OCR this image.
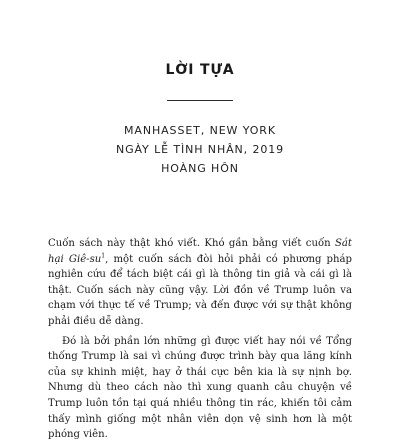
LỜI TỰA
MANHASSET, NEW YORK
NGÀY LỄ TÌNH NHÂN, 2019
HOÀNG HÔN

Cuốn sách này thật khó viết. Khó gần bằng viết cuốn Sát hại Giê-$su^1$, một cuốn sách đòi hỏi phải có phương pháp nghiên cứu để tách biệt cái gì là thông tin giả và cái gì là thật. Cuốn sách này cũng vậy. Lời đồn về Trump luôn va chạm với thực tế về Trump; và đến được với sự thật không phải điều dễ dàng.

Đó là bởi phần lớn những gì được viết hay nói về Tổng thống Trump là sai vì chúng được trình bày qua lăng kính của sự khinh miệt, hay ở thái cực bên kia là sự nịnh bợ. Nhưng dù theo cách nào thì xung quanh câu chuyện về Trump luôn tồn tại quá nhiều thông tin rác, khiến tôi cảm thấy mình giống một nhân viên dọn vệ sinh hơn là một phóng viên.
